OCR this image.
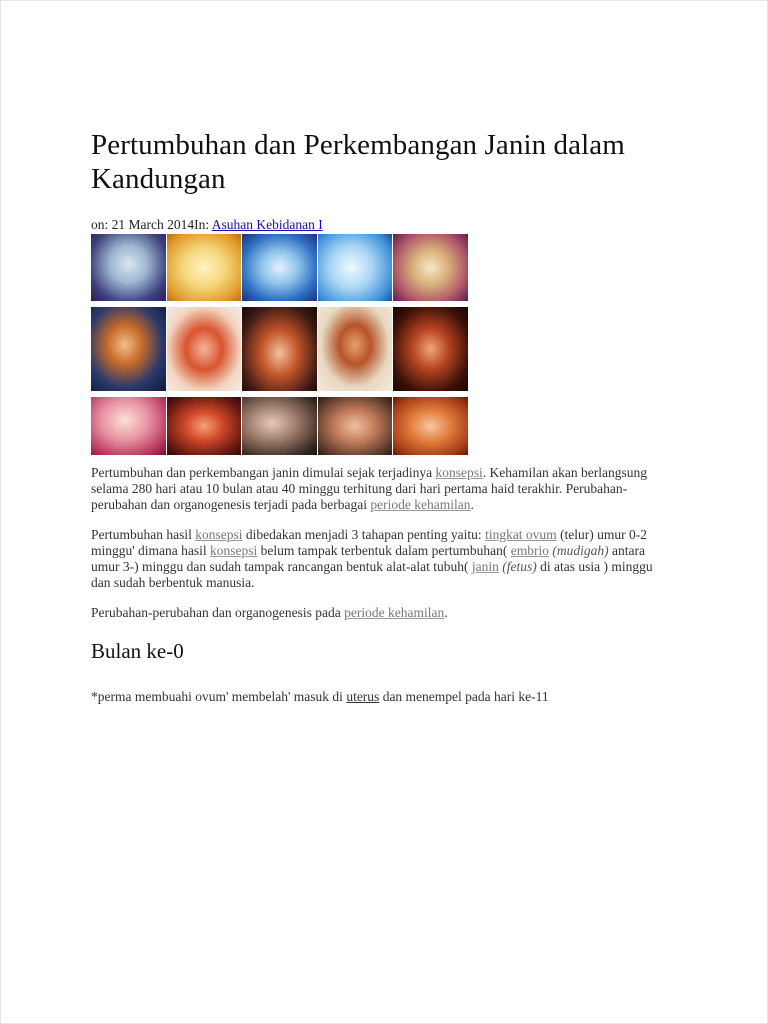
Pertumbuhan dan Perkembangan Janin dalam Kandungan
on: 21 March 2014In: Asuhan Kebidanan I

Pertumbuhan dan perkembangan janin dimulai sejak terjadinya konsepsi. Kehamilan akan berlangsung selama 280 hari atau 10 bulan atau 40 minggu terhitung dari hari pertama haid terakhir. Perubahan-perubahan dan organogenesis terjadi pada berbagai periode kehamilan.

Pertumbuhan hasil konsepsi dibedakan menjadi 3 tahapan penting yaitu: tingkat ovum (telur) umur 0-2 minggu' dimana hasil konsepsi belum tampak terbentuk dalam pertumbuhan( embrio (mudigah) antara umur 3-) minggu dan sudah tampak rancangan bentuk alat-alat tubuh( janin (fetus) di atas usia ) minggu dan sudah berbentuk manusia.

Perubahan-perubahan dan organogenesis pada periode kehamilan.

Bulan ke-0

*perma membuahi ovum' membelah' masuk di uterus dan menempel pada hari ke-11
